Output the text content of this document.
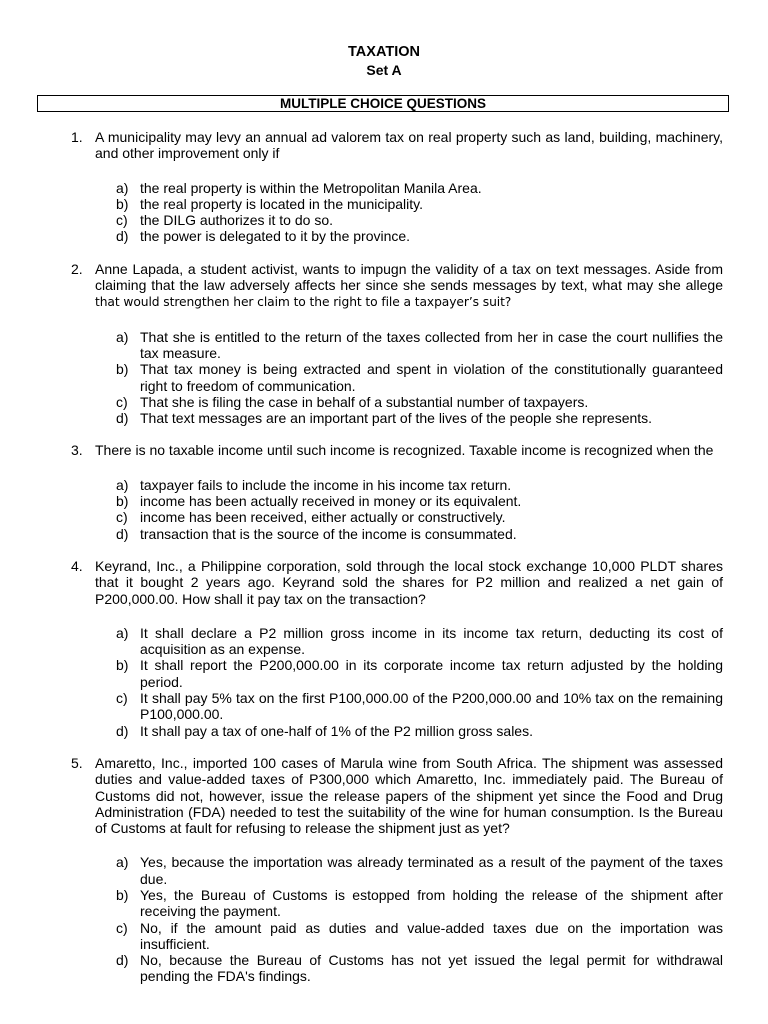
TAXATION
Set A
MULTIPLE CHOICE QUESTIONS
1. A municipality may levy an annual ad valorem tax on real property such as land, building, machinery, and other improvement only if
a) the real property is within the Metropolitan Manila Area.
b) the real property is located in the municipality.
c) the DILG authorizes it to do so.
d) the power is delegated to it by the province.
2. Anne Lapada, a student activist, wants to impugn the validity of a tax on text messages. Aside from claiming that the law adversely affects her since she sends messages by text, what may she allege that would strengthen her claim to the right to file a taxpayer’s suit?
a) That she is entitled to the return of the taxes collected from her in case the court nullifies the tax measure.
b) That tax money is being extracted and spent in violation of the constitutionally guaranteed right to freedom of communication.
c) That she is filing the case in behalf of a substantial number of taxpayers.
d) That text messages are an important part of the lives of the people she represents.
3. There is no taxable income until such income is recognized. Taxable income is recognized when the
a) taxpayer fails to include the income in his income tax return.
b) income has been actually received in money or its equivalent.
c) income has been received, either actually or constructively.
d) transaction that is the source of the income is consummated.
4. Keyrand, Inc., a Philippine corporation, sold through the local stock exchange 10,000 PLDT shares that it bought 2 years ago. Keyrand sold the shares for P2 million and realized a net gain of P200,000.00. How shall it pay tax on the transaction?
a) It shall declare a P2 million gross income in its income tax return, deducting its cost of acquisition as an expense.
b) It shall report the P200,000.00 in its corporate income tax return adjusted by the holding period.
c) It shall pay 5% tax on the first P100,000.00 of the P200,000.00 and 10% tax on the remaining P100,000.00.
d) It shall pay a tax of one-half of 1% of the P2 million gross sales.
5. Amaretto, Inc., imported 100 cases of Marula wine from South Africa. The shipment was assessed duties and value-added taxes of P300,000 which Amaretto, Inc. immediately paid. The Bureau of Customs did not, however, issue the release papers of the shipment yet since the Food and Drug Administration (FDA) needed to test the suitability of the wine for human consumption. Is the Bureau of Customs at fault for refusing to release the shipment just as yet?
a) Yes, because the importation was already terminated as a result of the payment of the taxes due.
b) Yes, the Bureau of Customs is estopped from holding the release of the shipment after receiving the payment.
c) No, if the amount paid as duties and value-added taxes due on the importation was insufficient.
d) No, because the Bureau of Customs has not yet issued the legal permit for withdrawal pending the FDA's findings.
